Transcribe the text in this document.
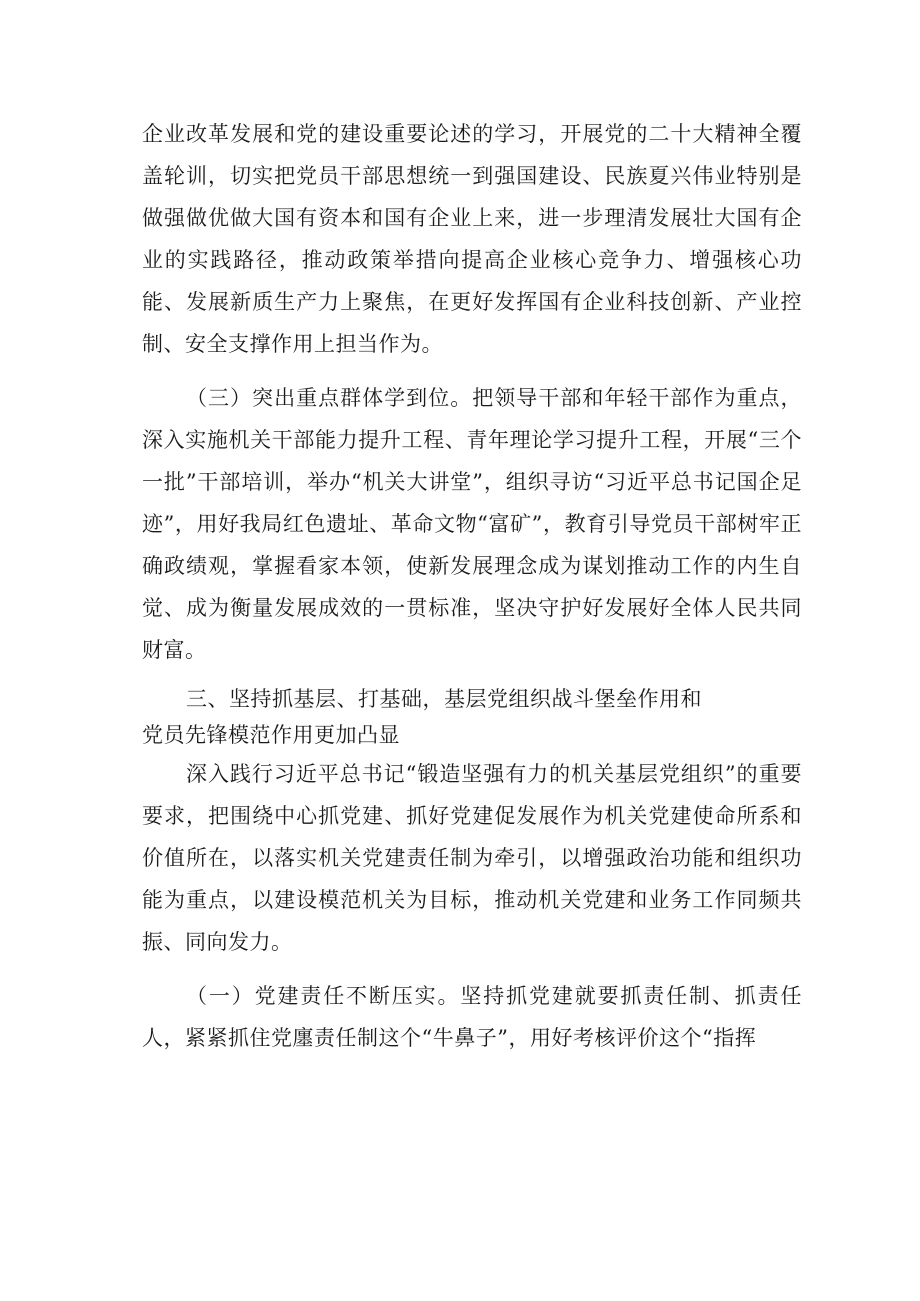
企业改革发展和党的建设重要论述的学习，开展党的二十大精神全覆盖轮训，切实把党员干部思想统一到强国建设、民族夏兴伟业特别是做强做优做大国有资本和国有企业上来，进一步理清发展壮大国有企业的实践路径，推动政策举措向提高企业核心竞争力、增强核心功能、发展新质生产力上聚焦，在更好发挥国有企业科技创新、产业控制、安全支撑作用上担当作为。

（三）突出重点群体学到位。把领导干部和年轻干部作为重点，深入实施机关干部能力提升工程、青年理论学习提升工程，开展“三个一批”干部培训，举办“机关大讲堂”，组织寻访“习近平总书记国企足迹”，用好我局红色遗址、革命文物“富矿”，教育引导党员干部树牢正确政绩观，掌握看家本领，使新发展理念成为谋划推动工作的内生自觉、成为衡量发展成效的一贯标准，坚决守护好发展好全体人民共同财富。

三、坚持抓基层、打基础，基层党组织战斗堡垒作用和
党员先锋模范作用更加凸显

深入践行习近平总书记“锻造坚强有力的机关基层党组织”的重要要求，把围绕中心抓党建、抓好党建促发展作为机关党建使命所系和价值所在，以落实机关党建责任制为牵引，以增强政治功能和组织功能为重点，以建设模范机关为目标，推动机关党建和业务工作同频共振、同向发力。

（一）党建责任不断压实。坚持抓党建就要抓责任制、抓责任人，紧紧抓住党廛责任制这个“牛鼻子”，用好考核评价这个“指挥
